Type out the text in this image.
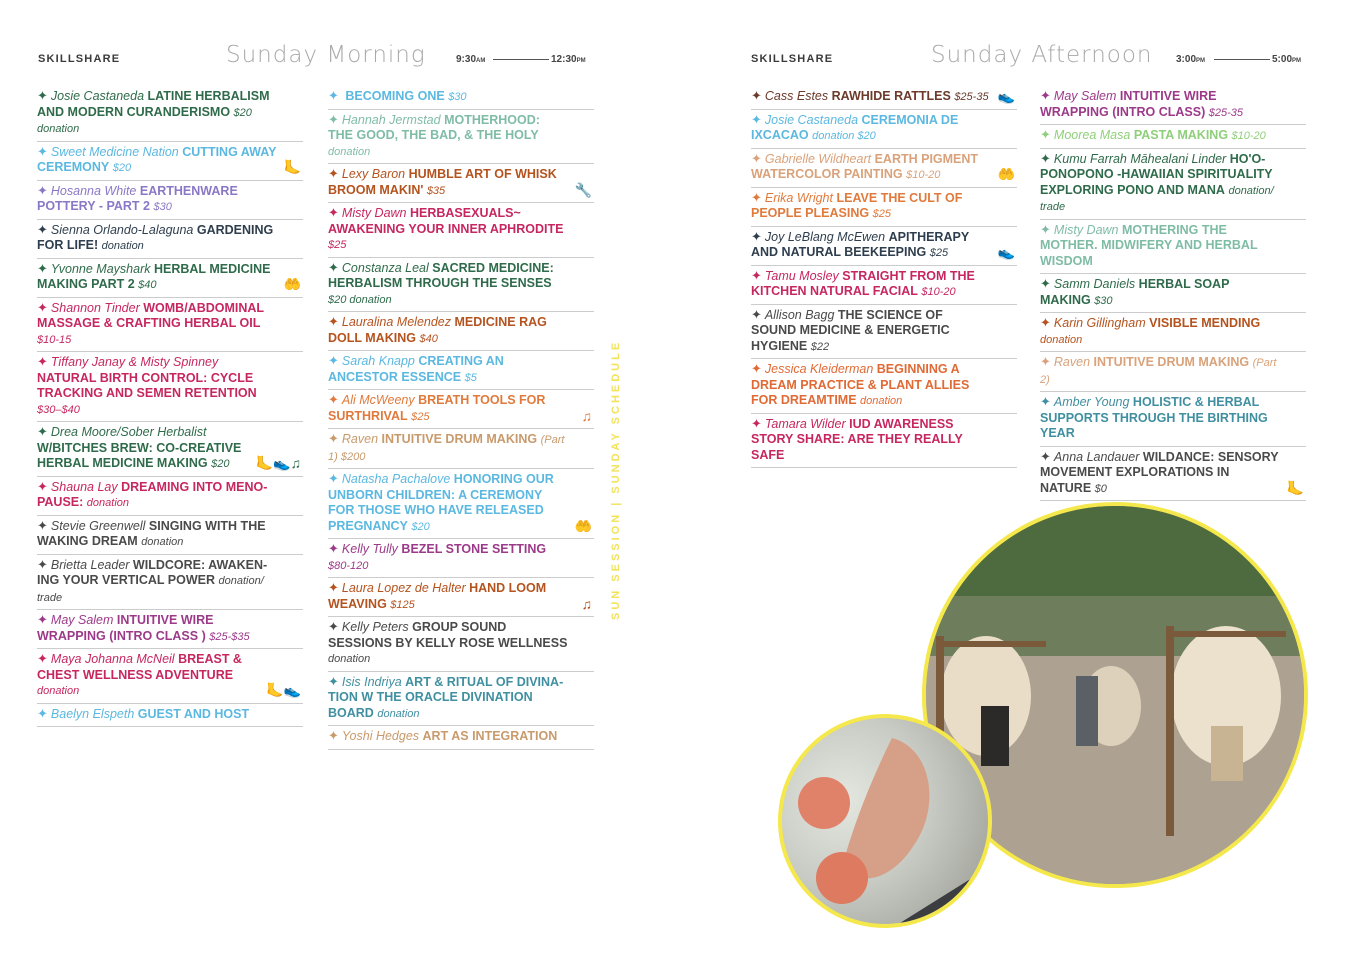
SKILLSHARE	Sunday Morning	9:30AM	12:30PM
✦ Josie Castaneda LATINE HERBALISM AND MODERN CURANDERISMO $20 donation
✦ Sweet Medicine Nation CUTTING AWAY CEREMONY $20	🦶
✦ Hosanna White EARTHENWARE POTTERY - PART 2 $30
✦ Sienna Orlando-Lalaguna GARDENING FOR LIFE! donation
✦ Yvonne Mayshark HERBAL MEDICINE MAKING PART 2 $40	🤲
✦ Shannon Tinder WOMB/ABDOMINAL MASSAGE & CRAFTING HERBAL OIL $10-15
✦ Tiffany Janay & Misty Spinney NATURAL BIRTH CONTROL: CYCLE TRACKING AND SEMEN RETENTION $30–$40
✦ Drea Moore/Sober Herbalist W/BITCHES BREW: CO-CREATIVE HERBAL MEDICINE MAKING $20 🦶👟♫
✦ Shauna Lay DREAMING INTO MENO-PAUSE: donation
✦ Stevie Greenwell SINGING WITH THE WAKING DREAM donation
✦ Brietta Leader WILDCORE: AWAKEN-ING YOUR VERTICAL POWER donation/ trade
✦ May Salem INTUITIVE WIRE WRAPPING (INTRO CLASS ) $25-$35
✦ Maya Johanna McNeil BREAST & CHEST WELLNESS ADVENTURE donation	🦶👟
✦ Baelyn Elspeth GUEST AND HOST
✦ BECOMING ONE $30
✦ Hannah Jermstad MOTHERHOOD: THE GOOD, THE BAD, & THE HOLY donation
✦ Lexy Baron HUMBLE ART OF WHISK BROOM MAKIN' $35	🔧
✦ Misty Dawn HERBASEXUALS~ AWAKENING YOUR INNER APHRODITE $25
✦ Constanza Leal SACRED MEDICINE: HERBALISM THROUGH THE SENSES $20 donation
✦ Lauralina Melendez MEDICINE RAG DOLL MAKING $40
✦ Sarah Knapp CREATING AN ANCESTOR ESSENCE $5
✦ Ali McWeeny BREATH TOOLS FOR SURTHRIVAL $25	♫
✦ Raven INTUITIVE DRUM MAKING (Part 1) $200
✦ Natasha Pachalove HONORING OUR UNBORN CHILDREN: A CEREMONY FOR THOSE WHO HAVE RELEASED PREGNANCY $20	🤲
✦ Kelly Tully BEZEL STONE SETTING $80-120
✦ Laura Lopez de Halter HAND LOOM WEAVING $125	♫
✦ Kelly Peters GROUP SOUND SESSIONS BY KELLY ROSE WELLNESS donation
✦ Isis Indriya ART & RITUAL OF DIVINA-TION W THE ORACLE DIVINATION BOARD donation
✦ Yoshi Hedges ART AS INTEGRATION
SUN SESSION | SUNDAY SCHEDULE
SKILLSHARE	Sunday Afternoon 3:00PM	5:00PM
✦ Cass Estes RAWHIDE RATTLES $25-35 👟
✦ Josie Castaneda CEREMONIA DE IXCACAO donation $20
✦ Gabrielle Wildheart EARTH PIGMENT WATERCOLOR PAINTING $10-20	🤲
✦ Erika Wright LEAVE THE CULT OF PEOPLE PLEASING $25
✦ Joy LeBlang McEwen APITHERAPY AND NATURAL BEEKEEPING $25	👟
✦ Tamu Mosley STRAIGHT FROM THE KITCHEN NATURAL FACIAL $10-20
✦ Allison Bagg THE SCIENCE OF SOUND MEDICINE & ENERGETIC HYGIENE $22
✦ Jessica Kleiderman BEGINNING A DREAM PRACTICE & PLANT ALLIES FOR DREAMTIME donation
✦ Tamara Wilder IUD AWARENESS STORY SHARE: ARE THEY REALLY SAFE
✦ May Salem INTUITIVE WIRE WRAPPING (INTRO CLASS) $25-35
✦ Moorea Masa PASTA MAKING $10-20
✦ Kumu Farrah Māhealani Linder HO'O-PONOPONO -HAWAIIAN SPIRITUALITY EXPLORING PONO AND MANA donation/ trade
✦ Misty Dawn MOTHERING THE MOTHER. MIDWIFERY AND HERBAL WISDOM
✦ Samm Daniels HERBAL SOAP MAKING $30
✦ Karin Gillingham VISIBLE MENDING donation
✦ Raven INTUITIVE DRUM MAKING (Part 2)
✦ Amber Young HOLISTIC & HERBAL SUPPORTS THROUGH THE BIRTHING YEAR
✦ Anna Landauer WILDANCE: SENSORY MOVEMENT EXPLORATIONS IN NATURE $0	🦶
